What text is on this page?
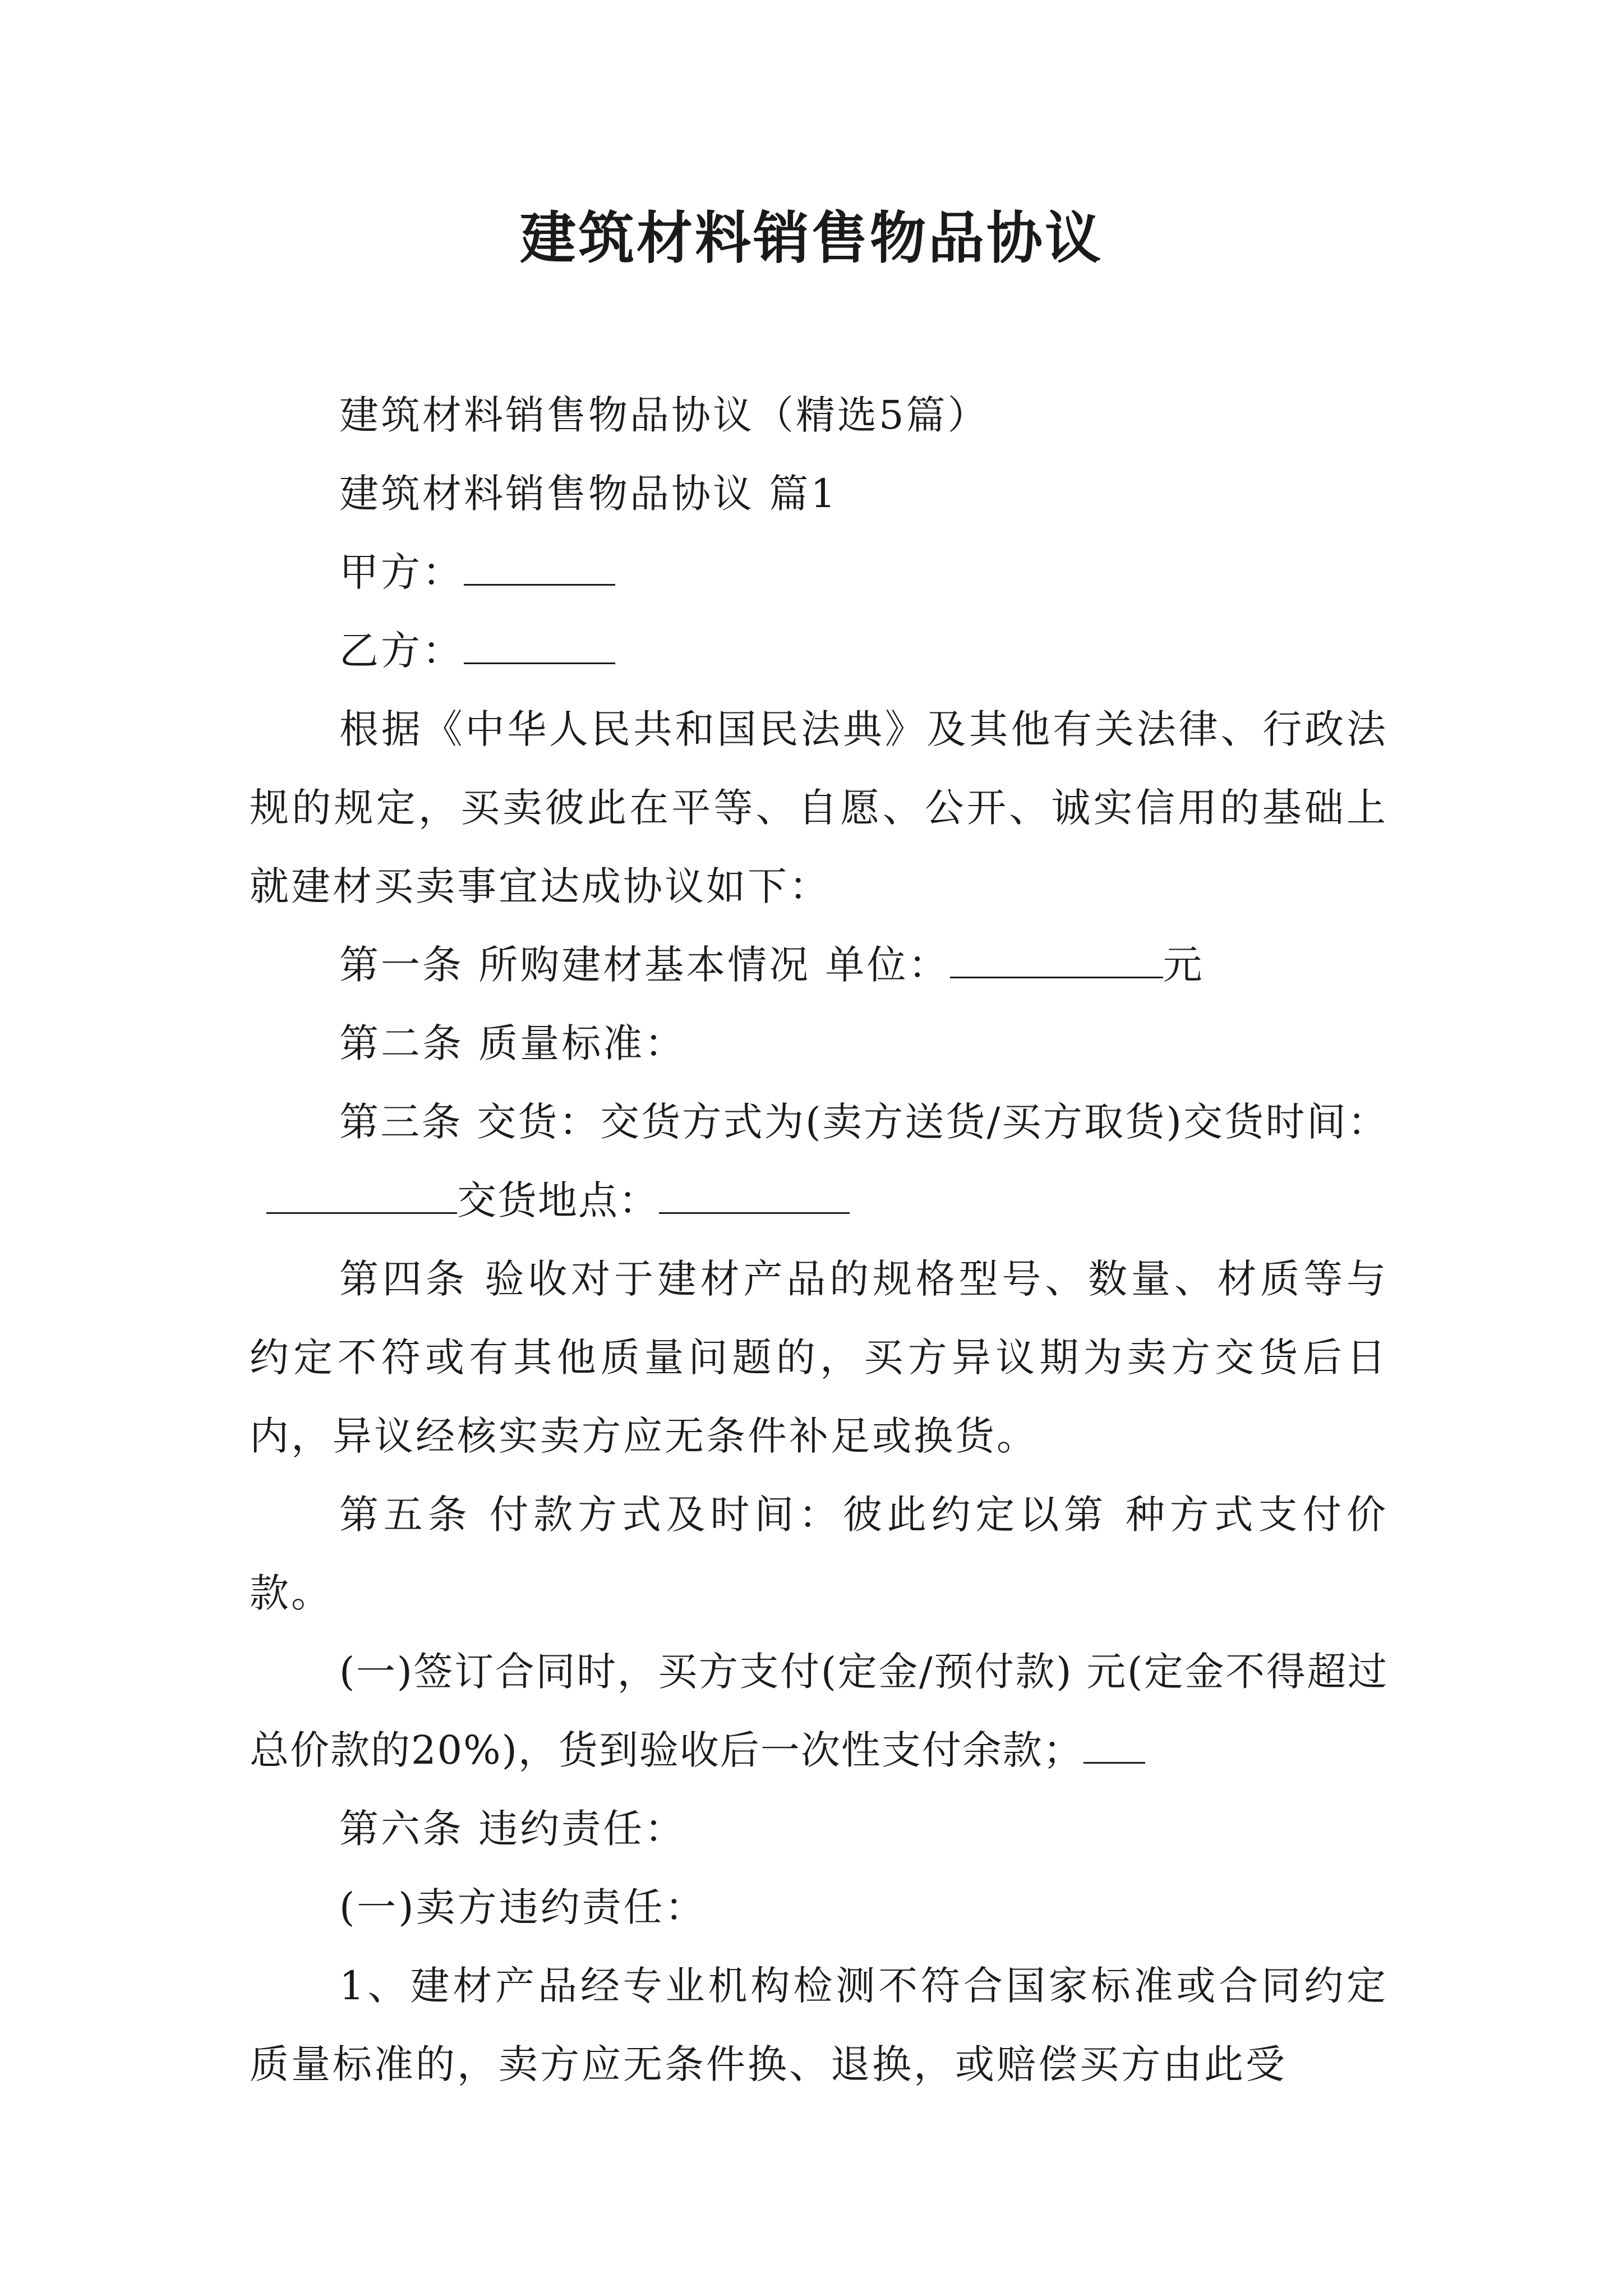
建筑材料销售物品协议

建筑材料销售物品协议（精选5篇）

建筑材料销售物品协议 篇1

甲方：

乙方：

根据《中华人民共和国民法典》及其他有关法律、行政法规的规定，买卖彼此在平等、自愿、公开、诚实信用的基础上就建材买卖事宜达成协议如下：

第一条 所购建材基本情况 单位：	元

第二条 质量标准：

第三条 交货：交货方式为(卖方送货/买方取货)交货时间：交货地点：

第四条 验收对于建材产品的规格型号、数量、材质等与约定不符或有其他质量问题的，买方异议期为卖方交货后日内，异议经核实卖方应无条件补足或换货。

第五条 付款方式及时间：彼此约定以第 种方式支付价款。

(一)签订合同时，买方支付(定金/预付款) 元(定金不得超过总价款的20%)，货到验收后一次性支付余款；

第六条 违约责任：

(一)卖方违约责任：

1、建材产品经专业机构检测不符合国家标准或合同约定质量标准的，卖方应无条件换、退换，或赔偿买方由此受
